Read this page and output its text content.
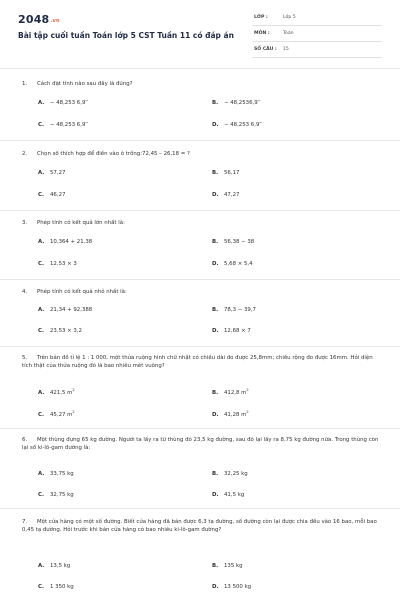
$2048^{.vn}$
Bài tập cuối tuần Toán lớp 5 CST Tuần 11 có đáp án
LỚP :	Lớp 5
MÔN :	Toán
SỐ CÂU : 15
1. Cách đặt tính nào sau đây là đúng?
A. − 48,253 6,9‾	B. − 48,2536,9‾
C. − 48,253 6,9‾	D. − 48,253 6,9‾
2. Chọn số thích hợp để điền vào ô trống:72,45 – 26,18 = ?
A. 57,27	B. 56,17
C. 46,27	D. 47,27
3. Phép tính có kết quả lớn nhất là:
A. 10,364 + 21,38	B. 56,38 − 38
C. 12,53 × 3	D. 5,68 × 5,4
4. Phép tính có kết quả nhỏ nhất là:
A. 21,34 + 92,388	B. 78,3 − 39,7
C. 23,53 × 3,2	D. 12,68 × 7
5. Trên bản đồ tỉ lệ 1 : 1 000, một thửa ruộng hình chữ nhật có chiều dài đo được 25,8mm; chiều rộng đo được 16mm. Hỏi diện tích thật của thửa ruộng đó là bao nhiêu mét vuông?
A. 421,5 $m^2$	B. 412,8 $m^2$
C. 45,27 $m^2$	D. 41,28 $m^2$
6. Một thùng đựng 65 kg đường. Người ta lấy ra từ thùng đó 23,5 kg đường, sau đó lại lấy ra 8,75 kg đường nữa. Trong thùng còn lại số ki-lô-gam đường là:
A. 33,75 kg	B. 32,25 kg
C. 32,75 kg	D. 41,5 kg
7. Một cửa hàng có một số đường. Biết cửa hàng đã bán được 6,3 tạ đường, số đường còn lại được chia đều vào 16 bao, mỗi bao 0,45 tạ đường. Hỏi trước khi bán cửa hàng có bao nhiêu ki-lô-gam đường?
A. 13,5 kg	B. 135 kg
C. 1 350 kg	D. 13 500 kg
